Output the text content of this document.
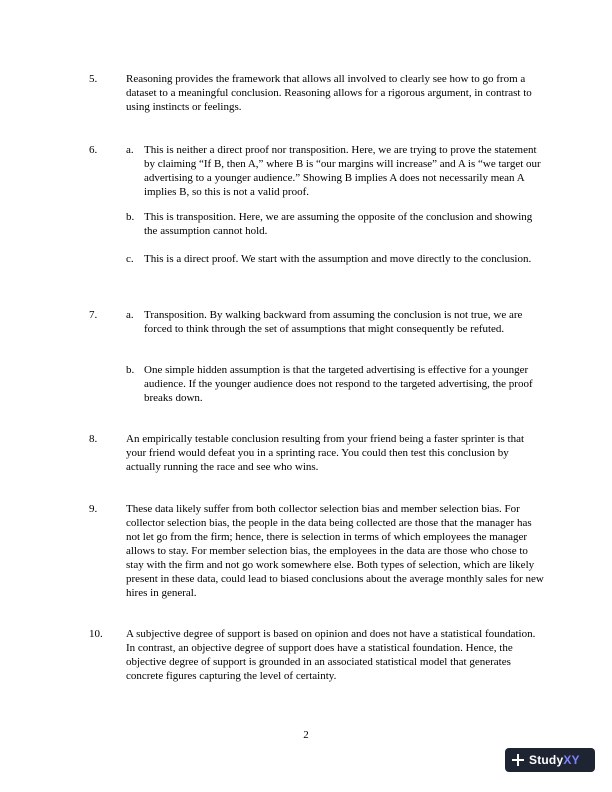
5.	Reasoning provides the framework that allows all involved to clearly see how to go from a dataset to a meaningful conclusion. Reasoning allows for a rigorous argument, in contrast to using instincts or feelings.
6.	a. This is neither a direct proof nor transposition. Here, we are trying to prove the statement by claiming “If B, then A,” where B is “our margins will increase” and A is “we target our advertising to a younger audience.” Showing B implies A does not necessarily mean A implies B, so this is not a valid proof.
b. This is transposition. Here, we are assuming the opposite of the conclusion and showing the assumption cannot hold.
c. This is a direct proof. We start with the assumption and move directly to the conclusion.
7.	a. Transposition. By walking backward from assuming the conclusion is not true, we are forced to think through the set of assumptions that might consequently be refuted.
b. One simple hidden assumption is that the targeted advertising is effective for a younger audience. If the younger audience does not respond to the targeted advertising, the proof breaks down.
8.	An empirically testable conclusion resulting from your friend being a faster sprinter is that your friend would defeat you in a sprinting race. You could then test this conclusion by actually running the race and see who wins.
9.	These data likely suffer from both collector selection bias and member selection bias. For collector selection bias, the people in the data being collected are those that the manager has not let go from the firm; hence, there is selection in terms of which employees the manager allows to stay. For member selection bias, the employees in the data are those who chose to stay with the firm and not go work somewhere else. Both types of selection, which are likely present in these data, could lead to biased conclusions about the average monthly sales for new hires in general.
10. A subjective degree of support is based on opinion and does not have a statistical foundation. In contrast, an objective degree of support does have a statistical foundation. Hence, the objective degree of support is grounded in an associated statistical model that generates concrete figures capturing the level of certainty.
2
StudyXY
